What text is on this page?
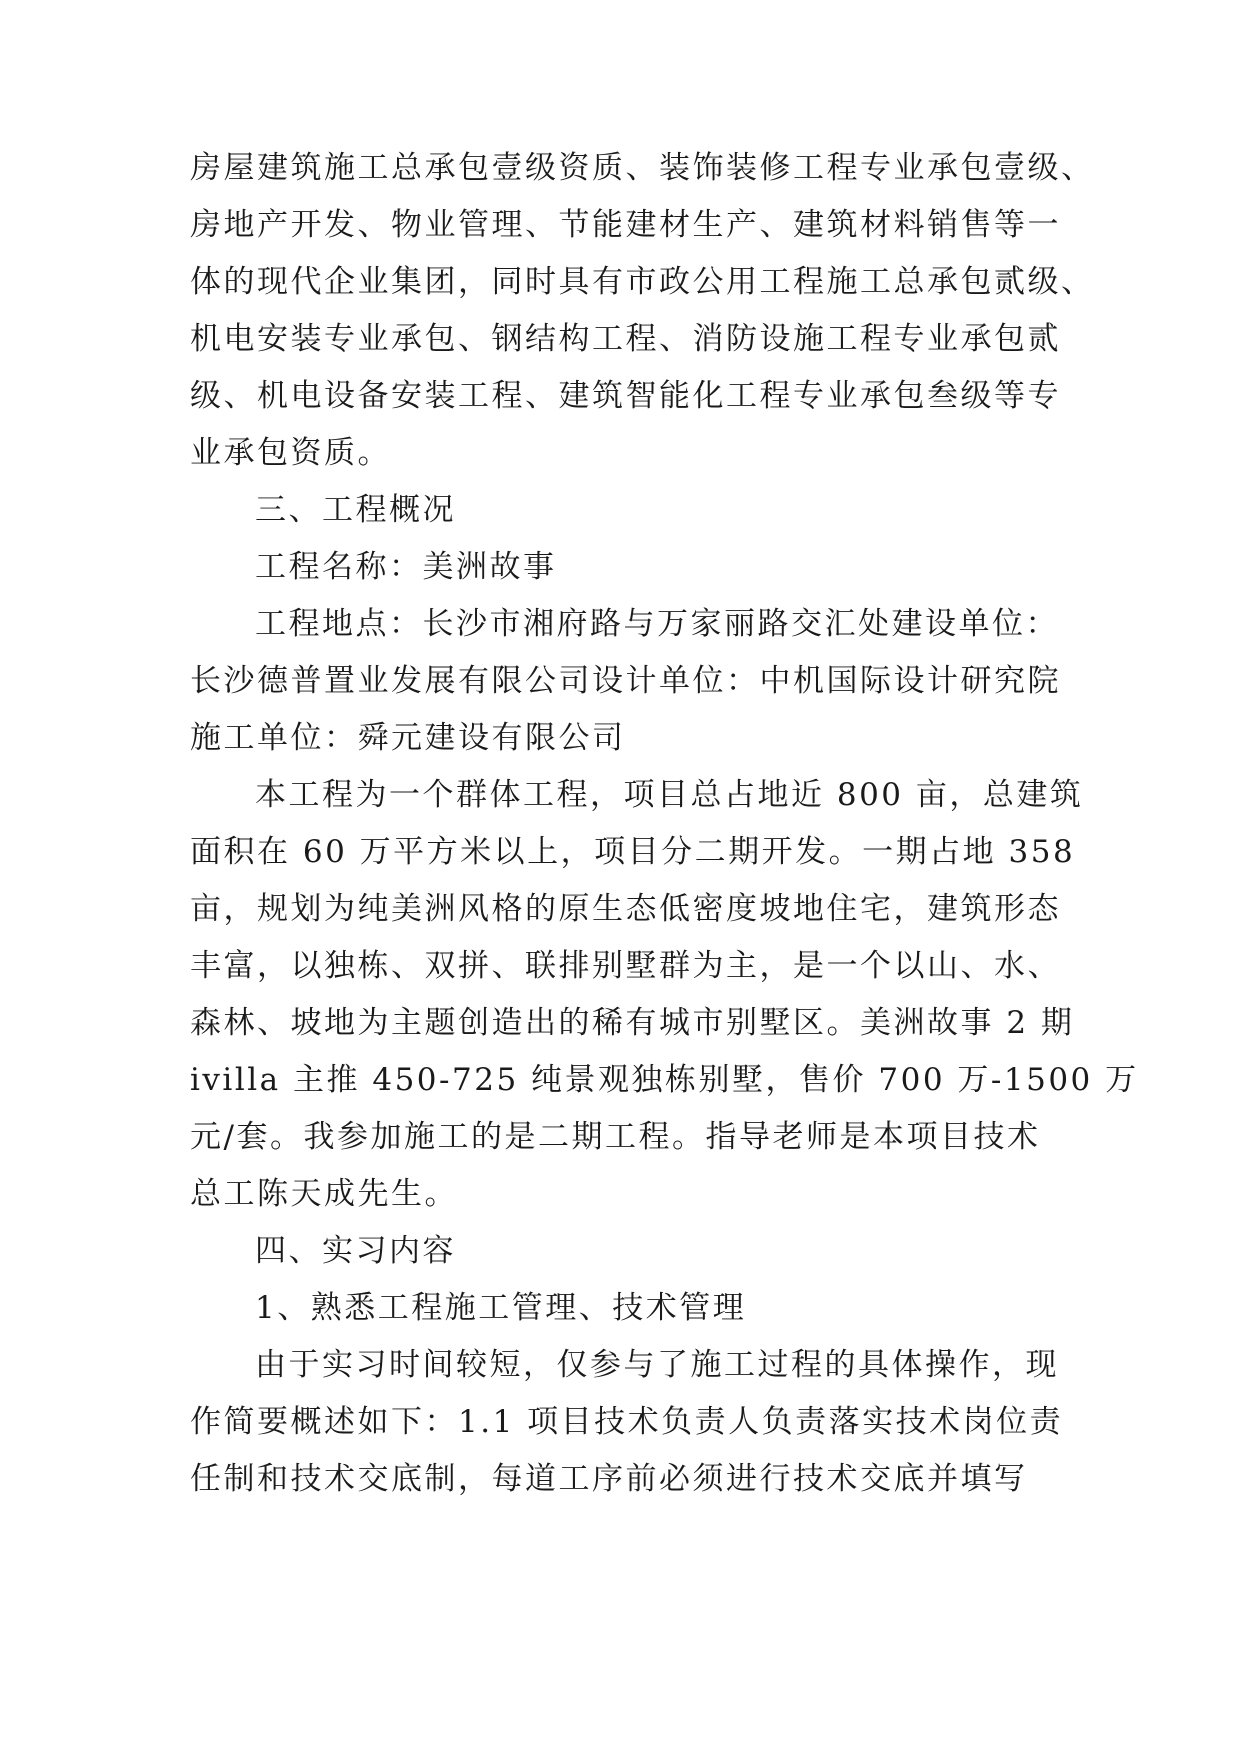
房屋建筑施工总承包壹级资质、装饰装修工程专业承包壹级、

房地产开发、物业管理、节能建材生产、建筑材料销售等一

体的现代企业集团，同时具有市政公用工程施工总承包贰级、

机电安装专业承包、钢结构工程、消防设施工程专业承包贰

级、机电设备安装工程、建筑智能化工程专业承包叁级等专

业承包资质。

三、工程概况

工程名称：美洲故事

工程地点：长沙市湘府路与万家丽路交汇处建设单位：

长沙德普置业发展有限公司设计单位：中机国际设计研究院

施工单位：舜元建设有限公司

本工程为一个群体工程，项目总占地近 800 亩，总建筑

面积在 60 万平方米以上，项目分二期开发。一期占地 358

亩，规划为纯美洲风格的原生态低密度坡地住宅，建筑形态

丰富，以独栋、双拼、联排别墅群为主，是一个以山、水、

森林、坡地为主题创造出的稀有城市别墅区。美洲故事 2 期

ivilla 主推 450-725 纯景观独栋别墅，售价 700 万-1500 万

元/套。我参加施工的是二期工程。指导老师是本项目技术

总工陈天成先生。

四、实习内容

1、熟悉工程施工管理、技术管理

由于实习时间较短，仅参与了施工过程的具体操作，现

作简要概述如下：1.1 项目技术负责人负责落实技术岗位责

任制和技术交底制，每道工序前必须进行技术交底并填写
